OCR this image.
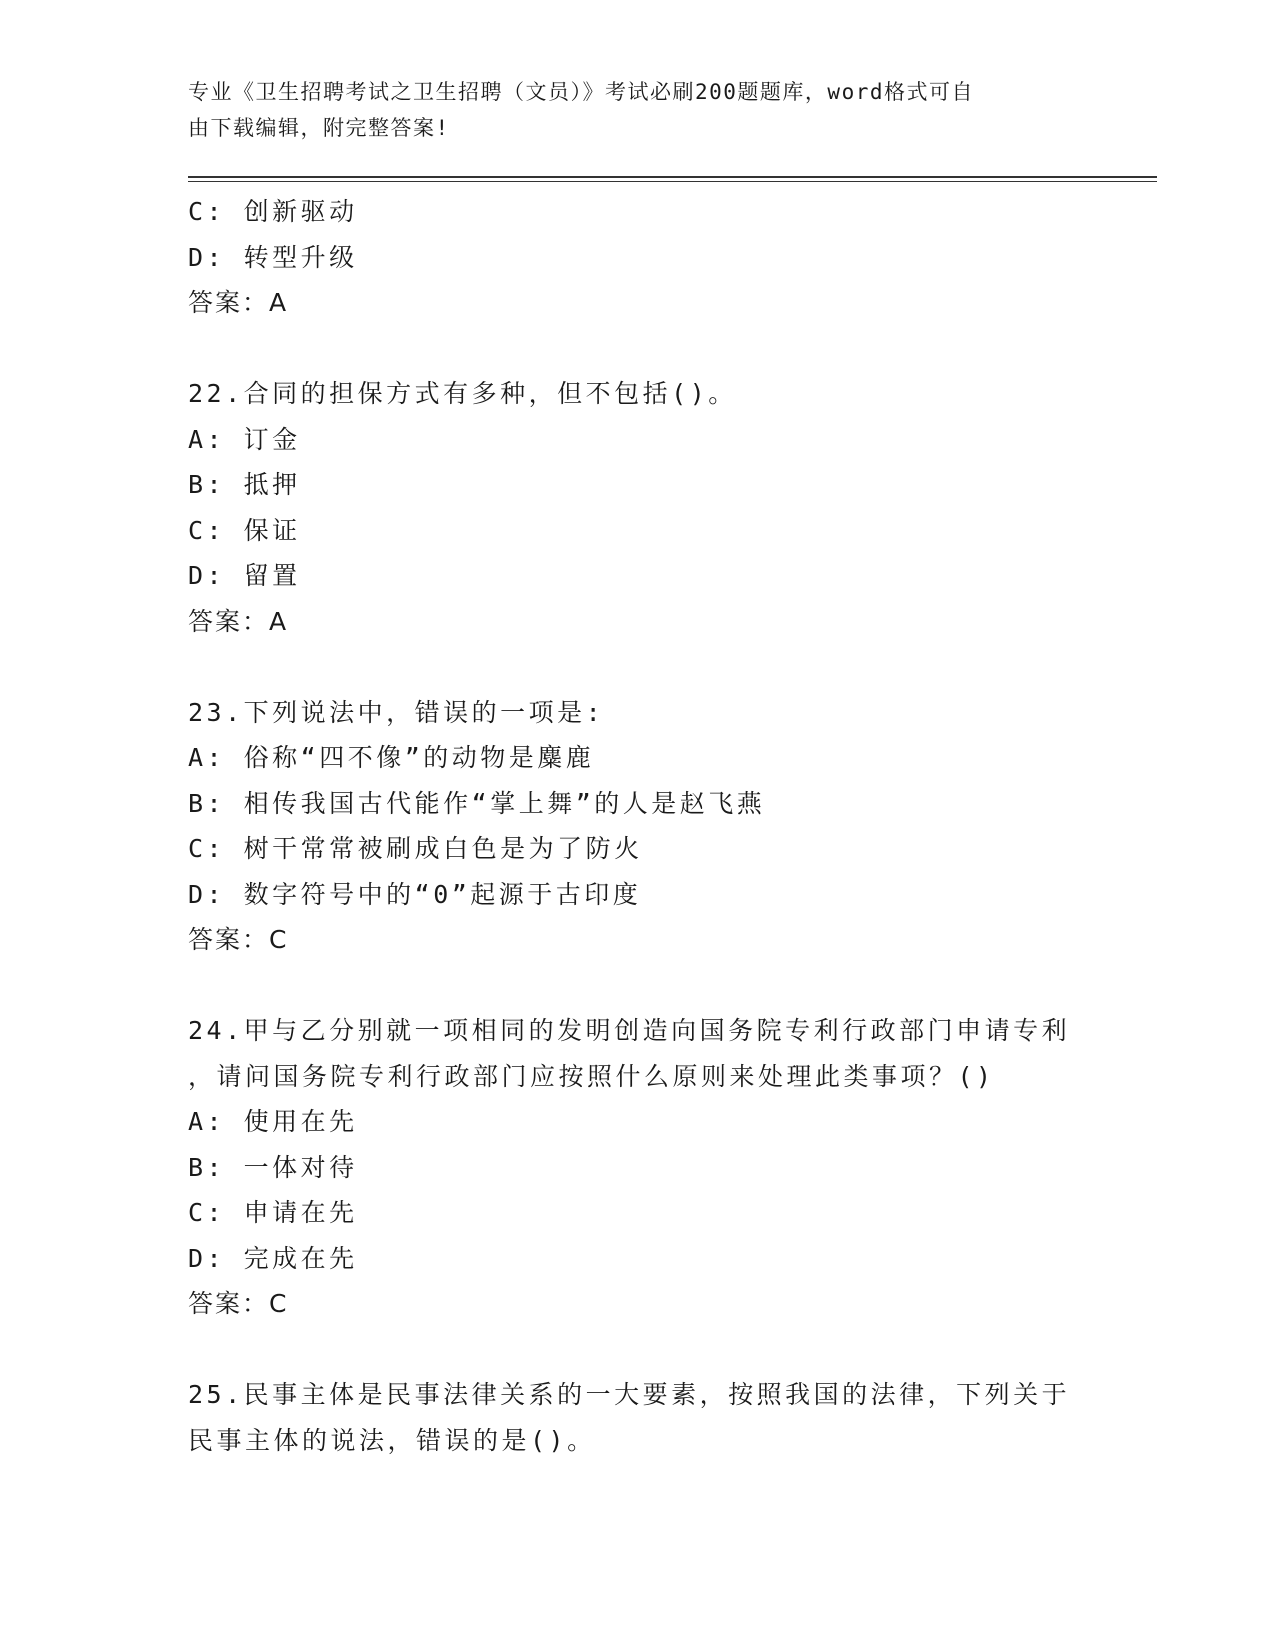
专业《卫生招聘考试之卫生招聘（文员）》考试必刷200题题库，word格式可自
由下载编辑，附完整答案!
C: 创新驱动
D: 转型升级
答案：A
22.合同的担保方式有多种，但不包括()。
A: 订金
B: 抵押
C: 保证
D: 留置
答案：A
23.下列说法中，错误的一项是:
A: 俗称“四不像”的动物是麋鹿
B: 相传我国古代能作“掌上舞”的人是赵飞燕
C: 树干常常被刷成白色是为了防火
D: 数字符号中的“0”起源于古印度
答案：C
24.甲与乙分别就一项相同的发明创造向国务院专利行政部门申请专利
，请问国务院专利行政部门应按照什么原则来处理此类事项？()
A: 使用在先
B: 一体对待
C: 申请在先
D: 完成在先
答案：C
25.民事主体是民事法律关系的一大要素，按照我国的法律，下列关于
民事主体的说法，错误的是()。
